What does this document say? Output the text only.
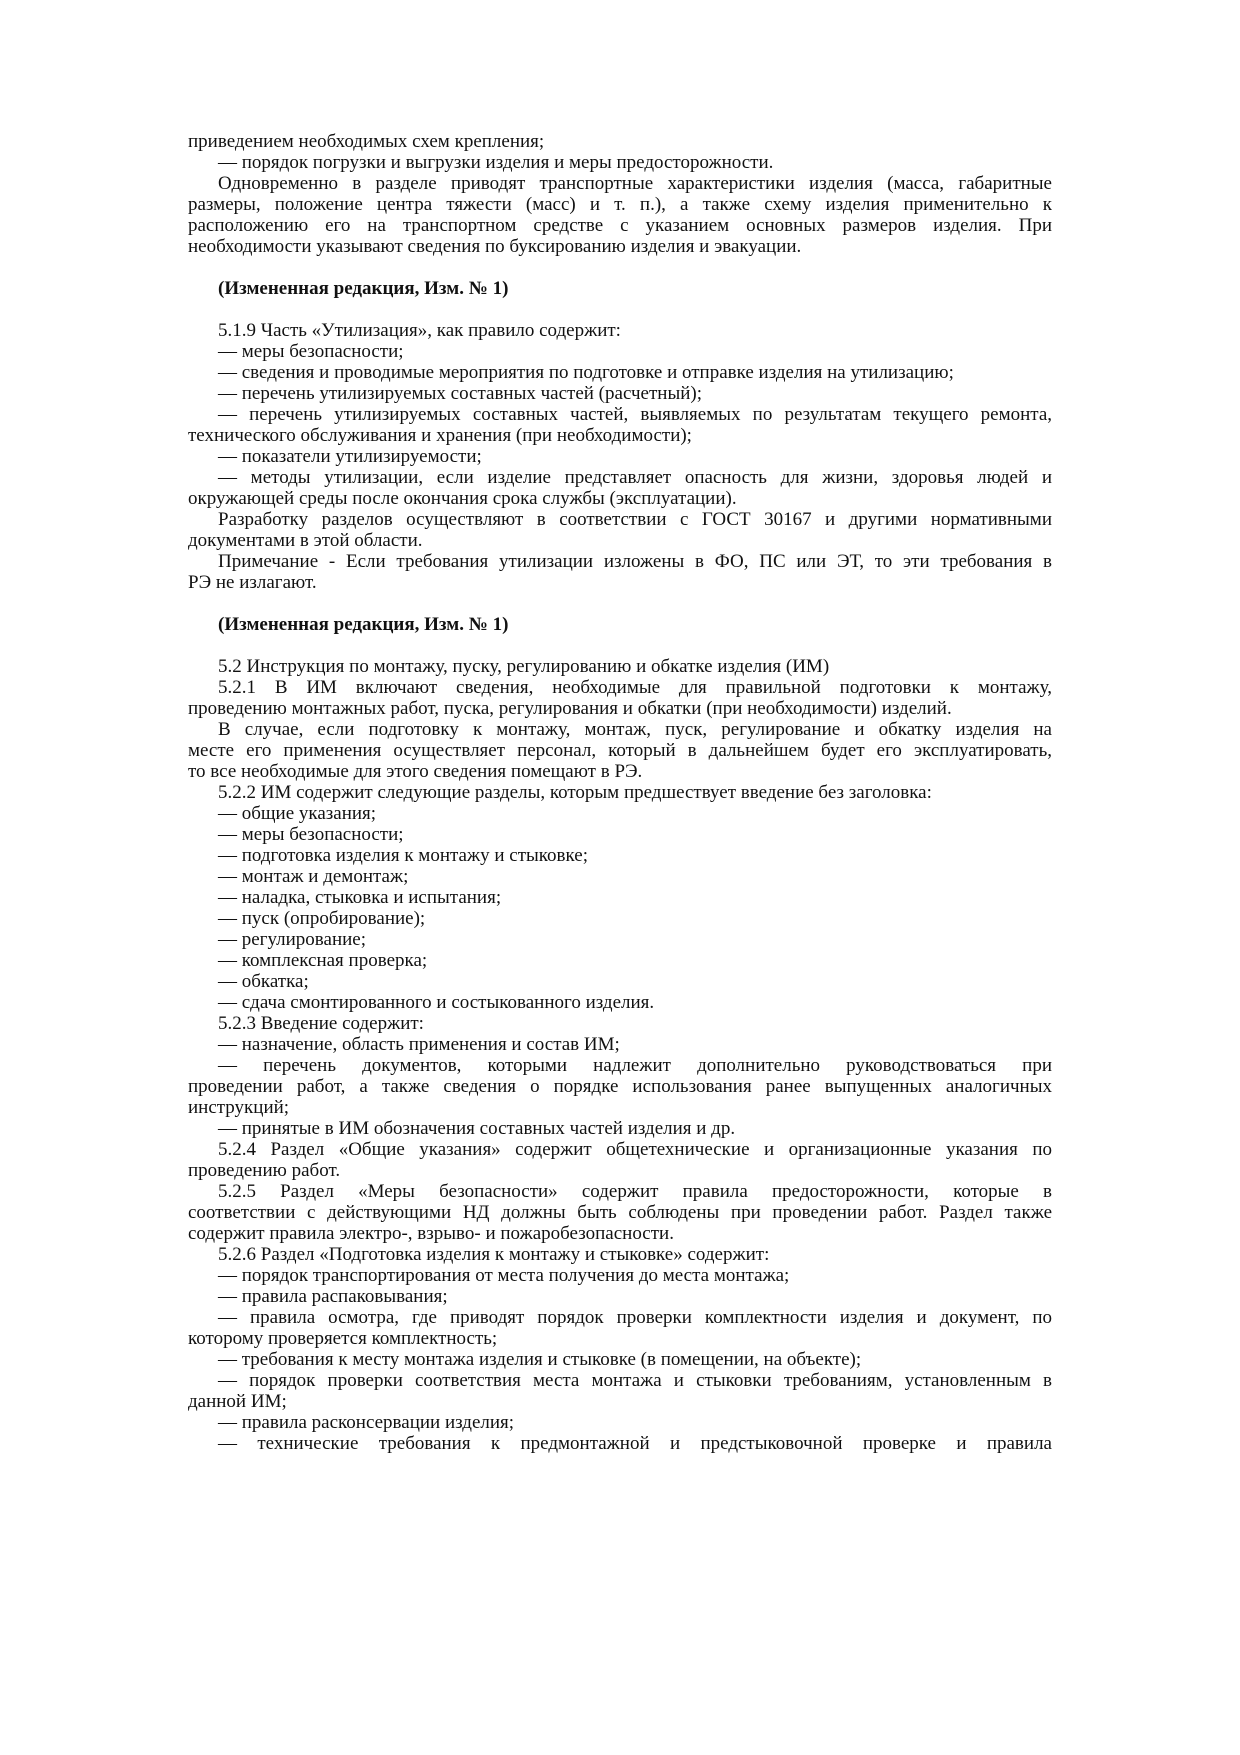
приведением необходимых схем крепления;
— порядок погрузки и выгрузки изделия и меры предосторожности.
Одновременно в разделе приводят транспортные характеристики изделия (масса, габаритные
размеры, положение центра тяжести (масс) и т. п.), а также схему изделия применительно к
расположению его на транспортном средстве с указанием основных размеров изделия. При
необходимости указывают сведения по буксированию изделия и эвакуации.
(Измененная редакция, Изм. № 1)
5.1.9 Часть «Утилизация», как правило содержит:
— меры безопасности;
— сведения и проводимые мероприятия по подготовке и отправке изделия на утилизацию;
— перечень утилизируемых составных частей (расчетный);
— перечень утилизируемых составных частей, выявляемых по результатам текущего ремонта,
технического обслуживания и хранения (при необходимости);
— показатели утилизируемости;
— методы утилизации, если изделие представляет опасность для жизни, здоровья людей и
окружающей среды после окончания срока службы (эксплуатации).
Разработку разделов осуществляют в соответствии с ГОСТ 30167 и другими нормативными
документами в этой области.
Примечание - Если требования утилизации изложены в ФО, ПС или ЭТ, то эти требования в
РЭ не излагают.
(Измененная редакция, Изм. № 1)
5.2 Инструкция по монтажу, пуску, регулированию и обкатке изделия (ИМ)
5.2.1 В ИМ включают сведения, необходимые для правильной подготовки к монтажу,
проведению монтажных работ, пуска, регулирования и обкатки (при необходимости) изделий.
В случае, если подготовку к монтажу, монтаж, пуск, регулирование и обкатку изделия на
месте его применения осуществляет персонал, который в дальнейшем будет его эксплуатировать,
то все необходимые для этого сведения помещают в РЭ.
5.2.2 ИМ содержит следующие разделы, которым предшествует введение без заголовка:
— общие указания;
— меры безопасности;
— подготовка изделия к монтажу и стыковке;
— монтаж и демонтаж;
— наладка, стыковка и испытания;
— пуск (опробирование);
— регулирование;
— комплексная проверка;
— обкатка;
— сдача смонтированного и состыкованного изделия.
5.2.3 Введение содержит:
— назначение, область применения и состав ИМ;
— перечень документов, которыми надлежит дополнительно руководствоваться при
проведении работ, а также сведения о порядке использования ранее выпущенных аналогичных
инструкций;
— принятые в ИМ обозначения составных частей изделия и др.
5.2.4 Раздел «Общие указания» содержит общетехнические и организационные указания по
проведению работ.
5.2.5 Раздел «Меры безопасности» содержит правила предосторожности, которые в
соответствии с действующими НД должны быть соблюдены при проведении работ. Раздел также
содержит правила электро-, взрыво- и пожаробезопасности.
5.2.6 Раздел «Подготовка изделия к монтажу и стыковке» содержит:
— порядок транспортирования от места получения до места монтажа;
— правила распаковывания;
— правила осмотра, где приводят порядок проверки комплектности изделия и документ, по
которому проверяется комплектность;
— требования к месту монтажа изделия и стыковке (в помещении, на объекте);
— порядок проверки соответствия места монтажа и стыковки требованиям, установленным в
данной ИМ;
— правила расконсервации изделия;
— технические требования к предмонтажной и предстыковочной проверке и правила
